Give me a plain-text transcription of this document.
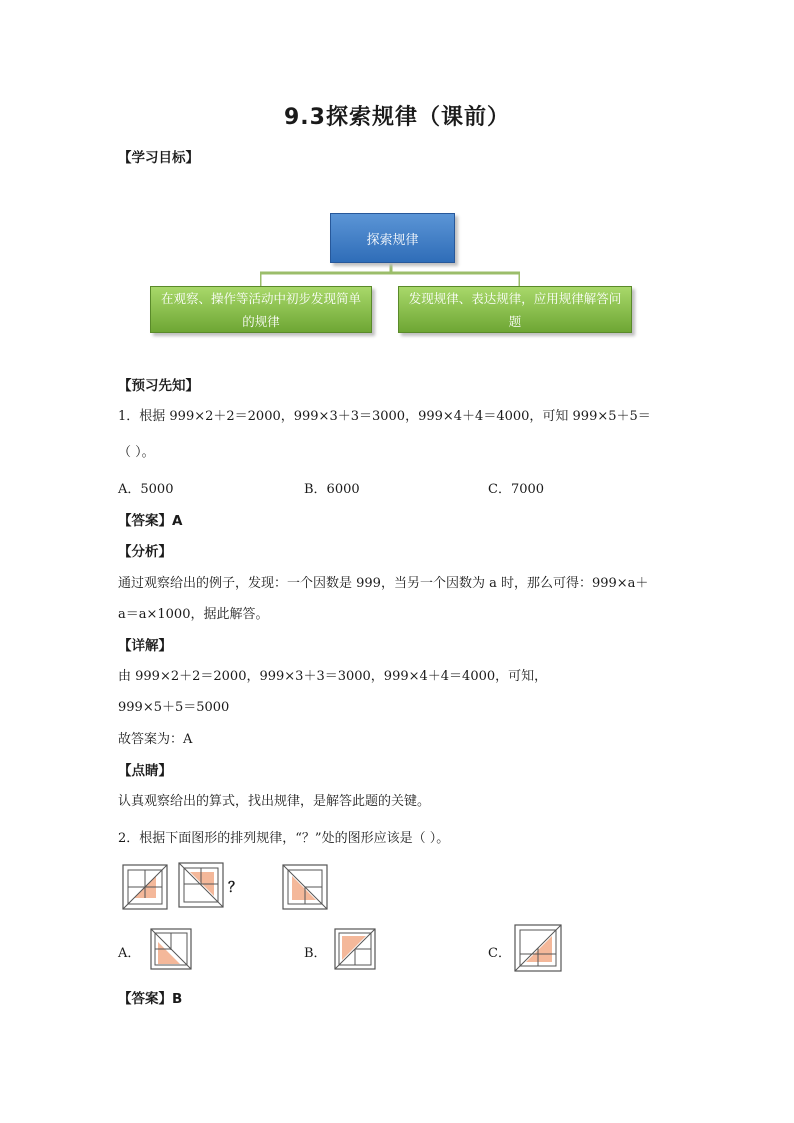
9.3探索规律（课前）
【学习目标】
探索规律
在观察、操作等活动中初步发现简单的规律
发现规律、表达规律，应用规律解答问题
【预习先知】
1．根据 999×2＋2＝2000，999×3＋3＝3000，999×4＋4＝4000，可知 999×5＋5＝
（ ）。
A．5000	B．6000	C．7000
【答案】A
【分析】
通过观察给出的例子，发现：一个因数是 999，当另一个因数为 a 时，那么可得：999×a＋
a＝a×1000，据此解答。
【详解】
由 999×2＋2＝2000，999×3＋3＝3000，999×4＋4＝4000，可知，
999×5＋5＝5000
故答案为：A
【点睛】
认真观察给出的算式，找出规律，是解答此题的关键。
2．根据下面图形的排列规律，“？”处的图形应该是（ ）。
？
A．	B．	C．
【答案】B
